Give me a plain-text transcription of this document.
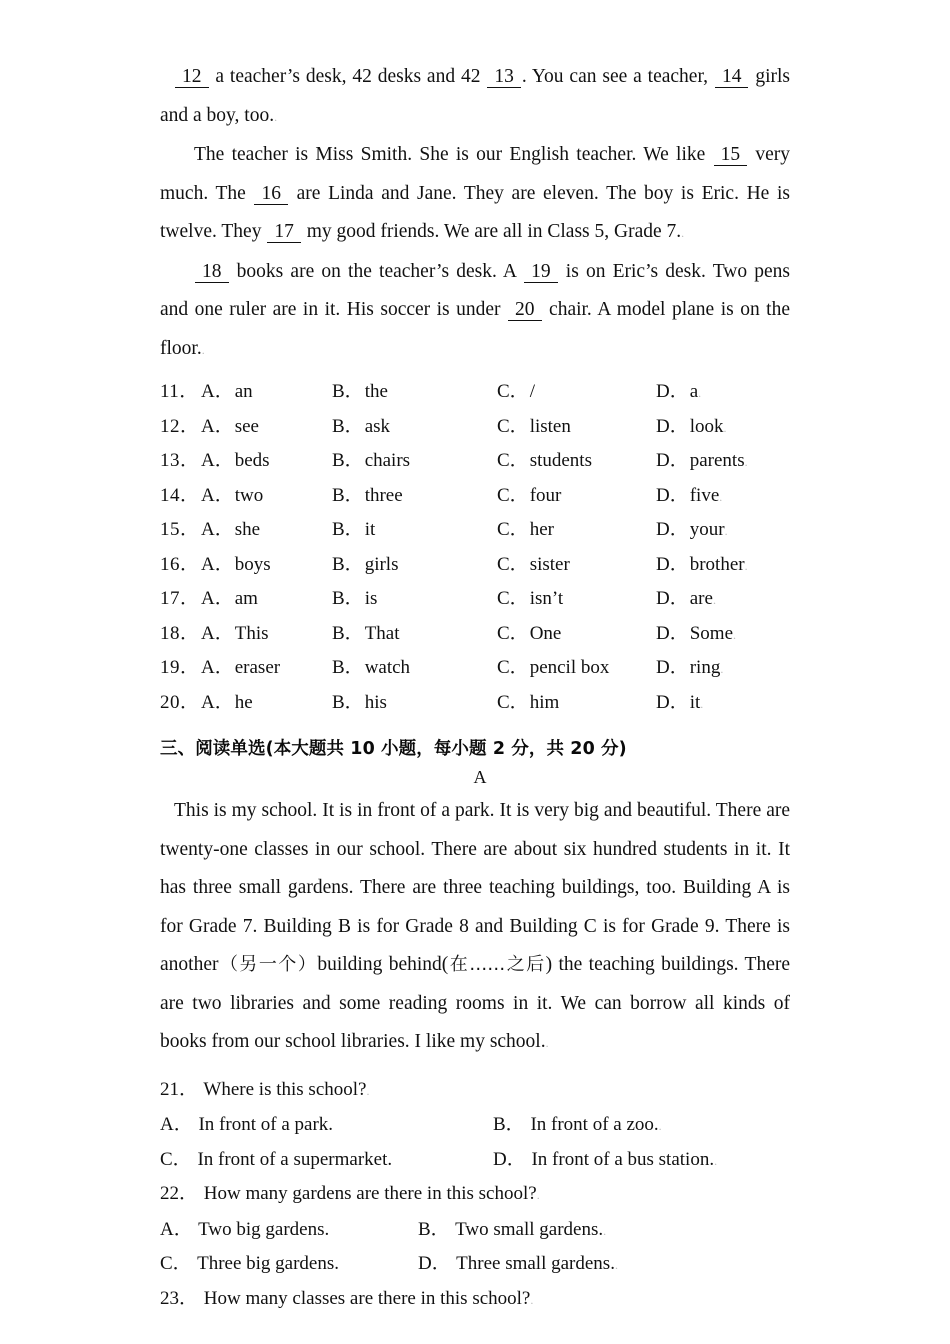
12 a teacher’s desk, 42 desks and 42 13 . You can see a teacher, 14 girls and a boy, too..

The teacher is Miss Smith. She is our English teacher. We like 15 very much. The 16 are Linda and Jane. They are eleven. The boy is Eric. He is twelve. They 17 my good friends. We are all in Class 5, Grade 7..

18 books are on the teacher’s desk. A 19 is on Eric’s desk. Two pens and one ruler are in it. His soccer is under 20 chair. A model plane is on the floor..

11． A．an	B．the	C．/	D．a.
12． A．see	B．ask	C．listen	D．look.
13． A．beds	B．chairs	C．students	D．parents.
14． A．two	B．three	C．four	D．five.
15． A．she	B．it	C．her	D．your.
16． A．boys	B．girls	C．sister	D．brother.
17． A．am	B．is	C．isn’t	D．are.
18． A．This	B．That	C．One	D．Some.
19． A．eraser	B．watch	C．pencil box D．ring.
20． A．he	B．his	C．him	D．it.
三、阅读单选(本大题共 10 小题，每小题 2 分，共 20 分)
A

This is my school. It is in front of a park. It is very big and beautiful. There are twenty-one classes in our school. There are about six hundred students in it. It has three small gardens. There are three teaching buildings, too. Building A is for Grade 7. Building B is for Grade 8 and Building C is for Grade 9. There is another（另一个）building behind(在……之后) the teaching buildings. There are two libraries and some reading rooms in it. We can borrow all kinds of books from our school libraries. I like my school..

21． Where is this school?.
A． In front of a park.	B． In front of a zoo..
C． In front of a supermarket.	D． In front of a bus station..
22． How many gardens are there in this school?.
A． Two big gardens.	B． Two small gardens..
C． Three big gardens.	D． Three small gardens..
23． How many classes are there in this school?.
